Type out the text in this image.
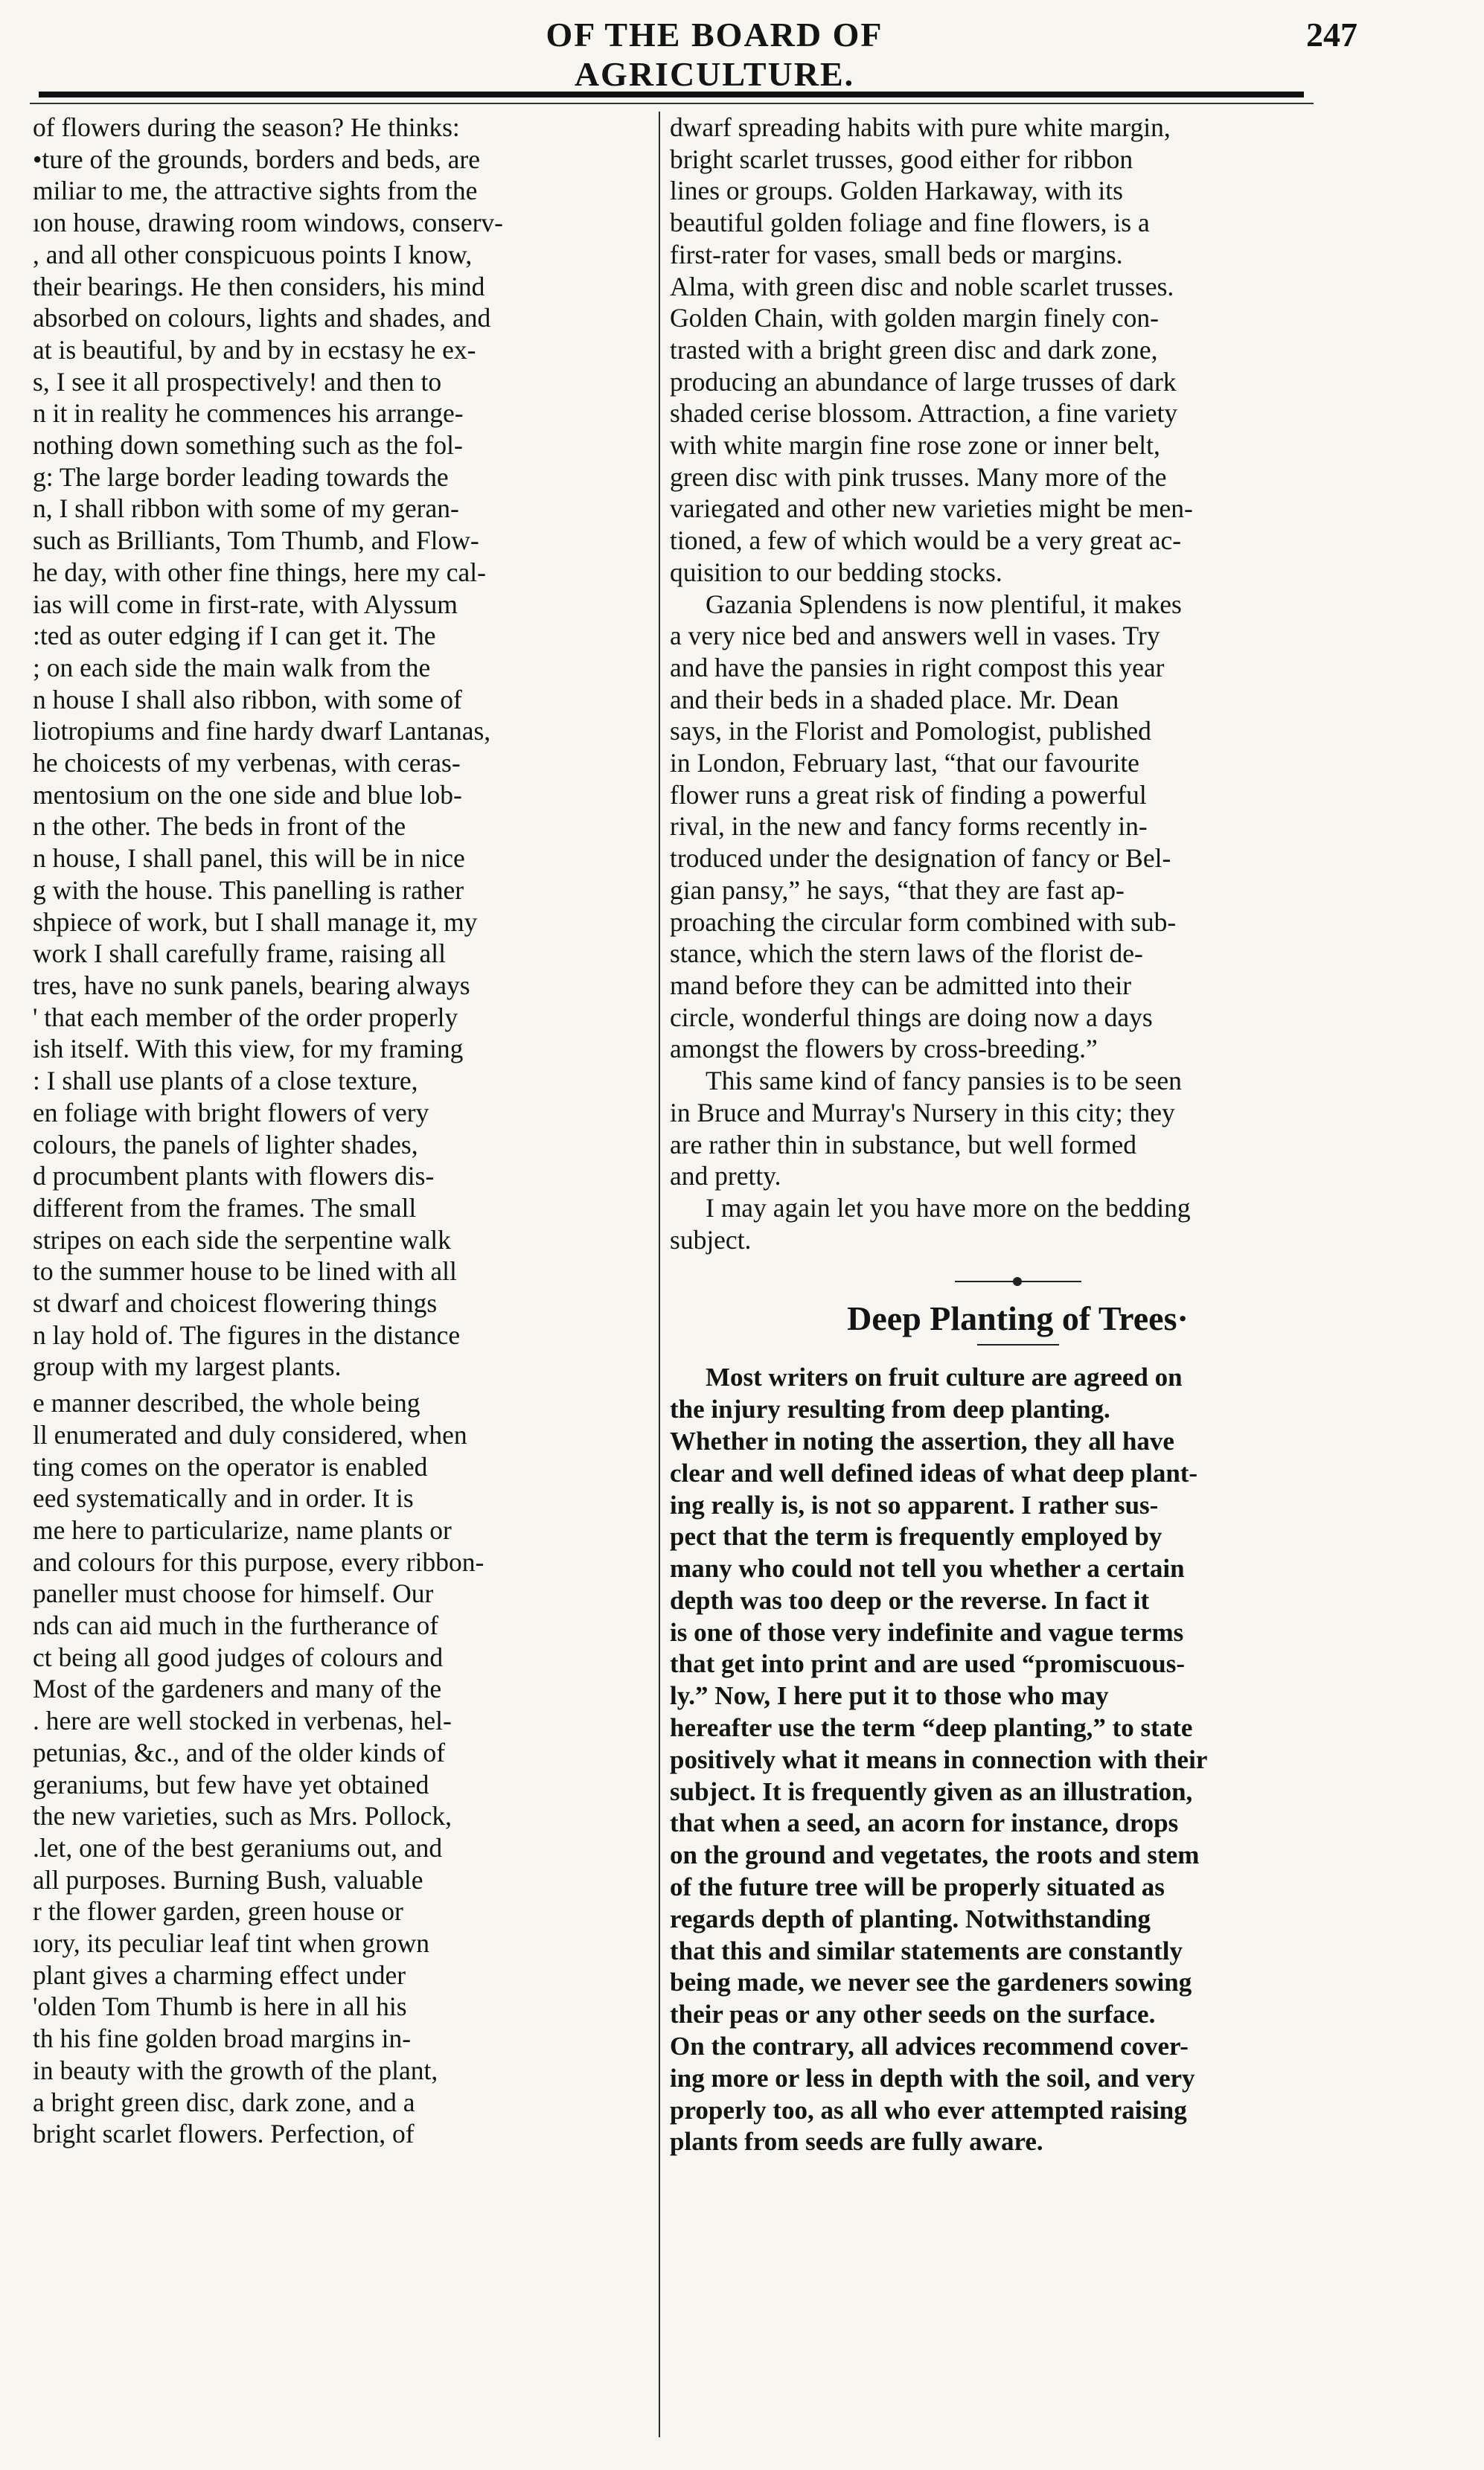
OF THE BOARD OF AGRICULTURE.
247

of flowers during the season? He thinks:
•ture of the grounds, borders and beds, are
miliar to me, the attractive sights from the
ıon house, drawing room windows, conserv-
, and all other conspicuous points I know,
their bearings. He then considers, his mind
absorbed on colours, lights and shades, and
at is beautiful, by and by in ecstasy he ex-
s, I see it all prospectively! and then to
n it in reality he commences his arrange-
nothing down something such as the fol-
g: The large border leading towards the
n, I shall ribbon with some of my geran-
such as Brilliants, Tom Thumb, and Flow-
he day, with other fine things, here my cal-
ias will come in first-rate, with Alyssum
:ted as outer edging if I can get it. The
; on each side the main walk from the
n house I shall also ribbon, with some of
liotropiums and fine hardy dwarf Lantanas,
he choicests of my verbenas, with ceras-
mentosium on the one side and blue lob-
n the other. The beds in front of the
n house, I shall panel, this will be in nice
g with the house. This panelling is rather
shpiece of work, but I shall manage it, my
work I shall carefully frame, raising all
tres, have no sunk panels, bearing always
' that each member of the order properly
ish itself. With this view, for my framing
: I shall use plants of a close texture,
en foliage with bright flowers of very
colours, the panels of lighter shades,
d procumbent plants with flowers dis-
different from the frames. The small
stripes on each side the serpentine walk
to the summer house to be lined with all
st dwarf and choicest flowering things
n lay hold of. The figures in the distance
group with my largest plants.

e manner described, the whole being
ll enumerated and duly considered, when
ting comes on the operator is enabled
eed systematically and in order. It is
me here to particularize, name plants or
and colours for this purpose, every ribbon-
paneller must choose for himself. Our
nds can aid much in the furtherance of
ct being all good judges of colours and
Most of the gardeners and many of the
. here are well stocked in verbenas, hel-
petunias, &c., and of the older kinds of
geraniums, but few have yet obtained
the new varieties, such as Mrs. Pollock,
.let, one of the best geraniums out, and
all purposes. Burning Bush, valuable
r the flower garden, green house or
ıory, its peculiar leaf tint when grown
plant gives a charming effect under
'olden Tom Thumb is here in all his
th his fine golden broad margins in-
in beauty with the growth of the plant,
a bright green disc, dark zone, and a
bright scarlet flowers. Perfection, of

dwarf spreading habits with pure white margin,
bright scarlet trusses, good either for ribbon
lines or groups. Golden Harkaway, with its
beautiful golden foliage and fine flowers, is a
first-rater for vases, small beds or margins.
Alma, with green disc and noble scarlet trusses.
Golden Chain, with golden margin finely con-
trasted with a bright green disc and dark zone,
producing an abundance of large trusses of dark
shaded cerise blossom. Attraction, a fine variety
with white margin fine rose zone or inner belt,
green disc with pink trusses. Many more of the
variegated and other new varieties might be men-
tioned, a few of which would be a very great ac-
quisition to our bedding stocks.

Gazania Splendens is now plentiful, it makes
a very nice bed and answers well in vases. Try
and have the pansies in right compost this year
and their beds in a shaded place. Mr. Dean
says, in the Florist and Pomologist, published
in London, February last, “that our favourite
flower runs a great risk of finding a powerful
rival, in the new and fancy forms recently in-
troduced under the designation of fancy or Bel-
gian pansy,” he says, “that they are fast ap-
proaching the circular form combined with sub-
stance, which the stern laws of the florist de-
mand before they can be admitted into their
circle, wonderful things are doing now a days
amongst the flowers by cross-breeding.”

This same kind of fancy pansies is to be seen
in Bruce and Murray's Nursery in this city; they
are rather thin in substance, but well formed
and pretty.

I may again let you have more on the bedding
subject.

Deep Planting of Trees·

Most writers on fruit culture are agreed on
the injury resulting from deep planting.
Whether in noting the assertion, they all have
clear and well defined ideas of what deep plant-
ing really is, is not so apparent. I rather sus-
pect that the term is frequently employed by
many who could not tell you whether a certain
depth was too deep or the reverse. In fact it
is one of those very indefinite and vague terms
that get into print and are used “promiscuous-
ly.” Now, I here put it to those who may
hereafter use the term “deep planting,” to state
positively what it means in connection with their
subject. It is frequently given as an illustration,
that when a seed, an acorn for instance, drops
on the ground and vegetates, the roots and stem
of the future tree will be properly situated as
regards depth of planting. Notwithstanding
that this and similar statements are constantly
being made, we never see the gardeners sowing
their peas or any other seeds on the surface.
On the contrary, all advices recommend cover-
ing more or less in depth with the soil, and very
properly too, as all who ever attempted raising
plants from seeds are fully aware.
